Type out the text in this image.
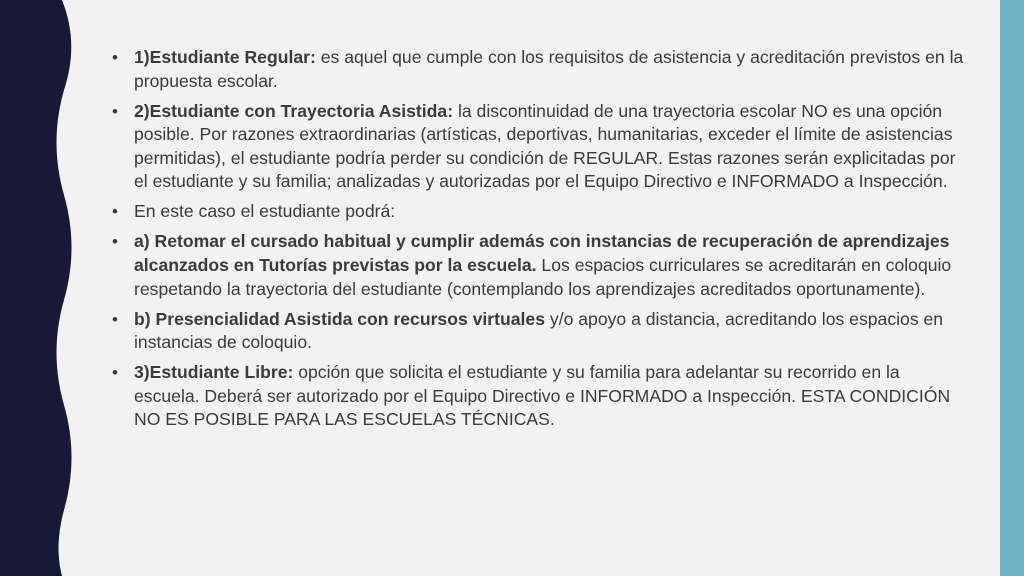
• 1)Estudiante Regular: es aquel que cumple con los requisitos de asistencia y acreditación previstos en la propuesta escolar.
• 2)Estudiante con Trayectoria Asistida: la discontinuidad de una trayectoria escolar NO es una opción posible. Por razones extraordinarias (artísticas, deportivas, humanitarias, exceder el límite de asistencias permitidas), el estudiante podría perder su condición de REGULAR. Estas razones serán explicitadas por el estudiante y su familia; analizadas y autorizadas por el Equipo Directivo e INFORMADO a Inspección.
• En este caso el estudiante podrá:
• a) Retomar el cursado habitual y cumplir además con instancias de recuperación de aprendizajes alcanzados en Tutorías previstas por la escuela. Los espacios curriculares se acreditarán en coloquio respetando la trayectoria del estudiante (contemplando los aprendizajes acreditados oportunamente).
• b) Presencialidad Asistida con recursos virtuales y/o apoyo a distancia, acreditando los espacios en instancias de coloquio.
• 3)Estudiante Libre: opción que solicita el estudiante y su familia para adelantar su recorrido en la escuela. Deberá ser autorizado por el Equipo Directivo e INFORMADO a Inspección. ESTA CONDICIÓN NO ES POSIBLE PARA LAS ESCUELAS TÉCNICAS.
